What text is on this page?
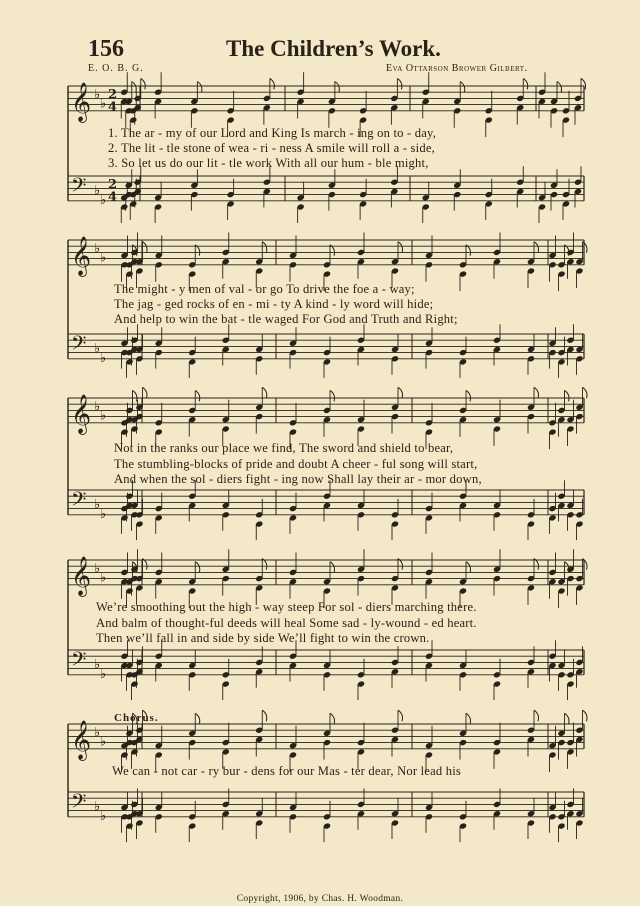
156	The Children’s Work.
E. O. B. G.	Eva Ottarson Brower Gilbert.
𝄞 ♭
♭
2
4
𝄢 ♭
♭
2
4
𝄞 ♭
♭
𝄢 ♭
♭
𝄞 ♭
♭
𝄢 ♭
♭
𝄞 ♭
♭
𝄢 ♭
♭
𝄞 ♭
♭
𝄢 ♭
♭
1. The ar - my of our Lord and King Is march - ing on to - day,
2. The lit - tle stone of wea - ri - ness A smile will roll a - side,
3. So let us do our lit - tle work With all our hum - ble might,
The might - y men of val - or go To drive the foe a - way;
The jag - ged rocks of en - mi - ty A kind - ly word will hide;
And help to win the bat - tle waged For God and Truth and Right;
Not in the ranks our place we find, The sword and shield to bear,
The stumbling-blocks of pride and doubt A cheer - ful song will start,
And when the sol - diers fight - ing now Shall lay their ar - mor down,
We’re smoothing out the high - way steep For sol - diers marching there.
And balm of thought-ful deeds will heal Some sad - ly-wound - ed heart.
Then we’ll fall in and side by side We’ll fight to win the crown.
Chorus.
We can - not car - ry bur - dens for our Mas - ter dear, Nor lead his
Copyright, 1906, by Chas. H. Woodman.
